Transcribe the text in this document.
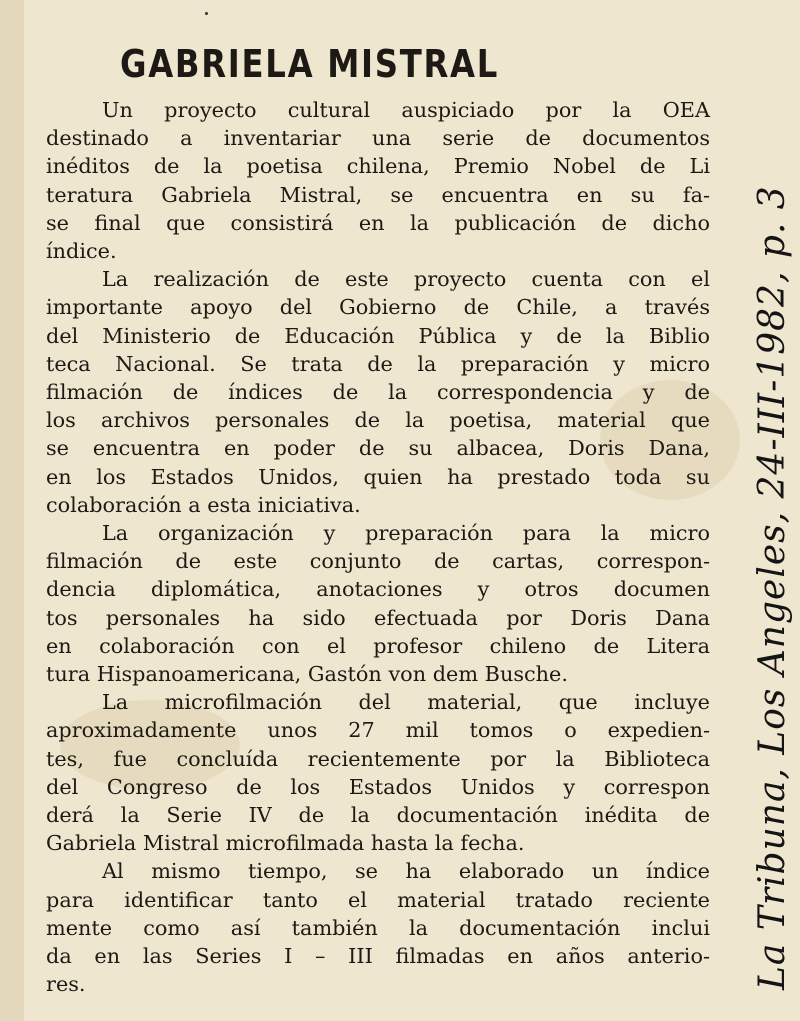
GABRIELA MISTRAL

Un proyecto cultural auspiciado por la OEA
destinado a inventariar una serie de documentos
inéditos de la poetisa chilena, Premio Nobel de Li
teratura Gabriela Mistral, se encuentra en su fa-
se final que consistirá en la publicación de dicho
índice.

La realización de este proyecto cuenta con el
importante apoyo del Gobierno de Chile, a través
del Ministerio de Educación Pública y de la Biblio
teca Nacional. Se trata de la preparación y micro
filmación de índices de la correspondencia y de
los archivos personales de la poetisa, material que
se encuentra en poder de su albacea, Doris Dana,
en los Estados Unidos, quien ha prestado toda su
colaboración a esta iniciativa.

La organización y preparación para la micro
filmación de este conjunto de cartas, correspon-
dencia diplomática, anotaciones y otros documen
tos personales ha sido efectuada por Doris Dana
en colaboración con el profesor chileno de Litera
tura Hispanoamericana, Gastón von dem Busche.

La microfilmación del material, que incluye
aproximadamente unos 27 mil tomos o expedien-
tes, fue concluída recientemente por la Biblioteca
del Congreso de los Estados Unidos y correspon
derá la Serie IV de la documentación inédita de
Gabriela Mistral microfilmada hasta la fecha.

Al mismo tiempo, se ha elaborado un índice
para identificar tanto el material tratado reciente
mente como así también la documentación inclui
da en las Series I – III filmadas en años anterio-
res.	La Tribuna, Los Angeles, 24-III-1982, p. 3
